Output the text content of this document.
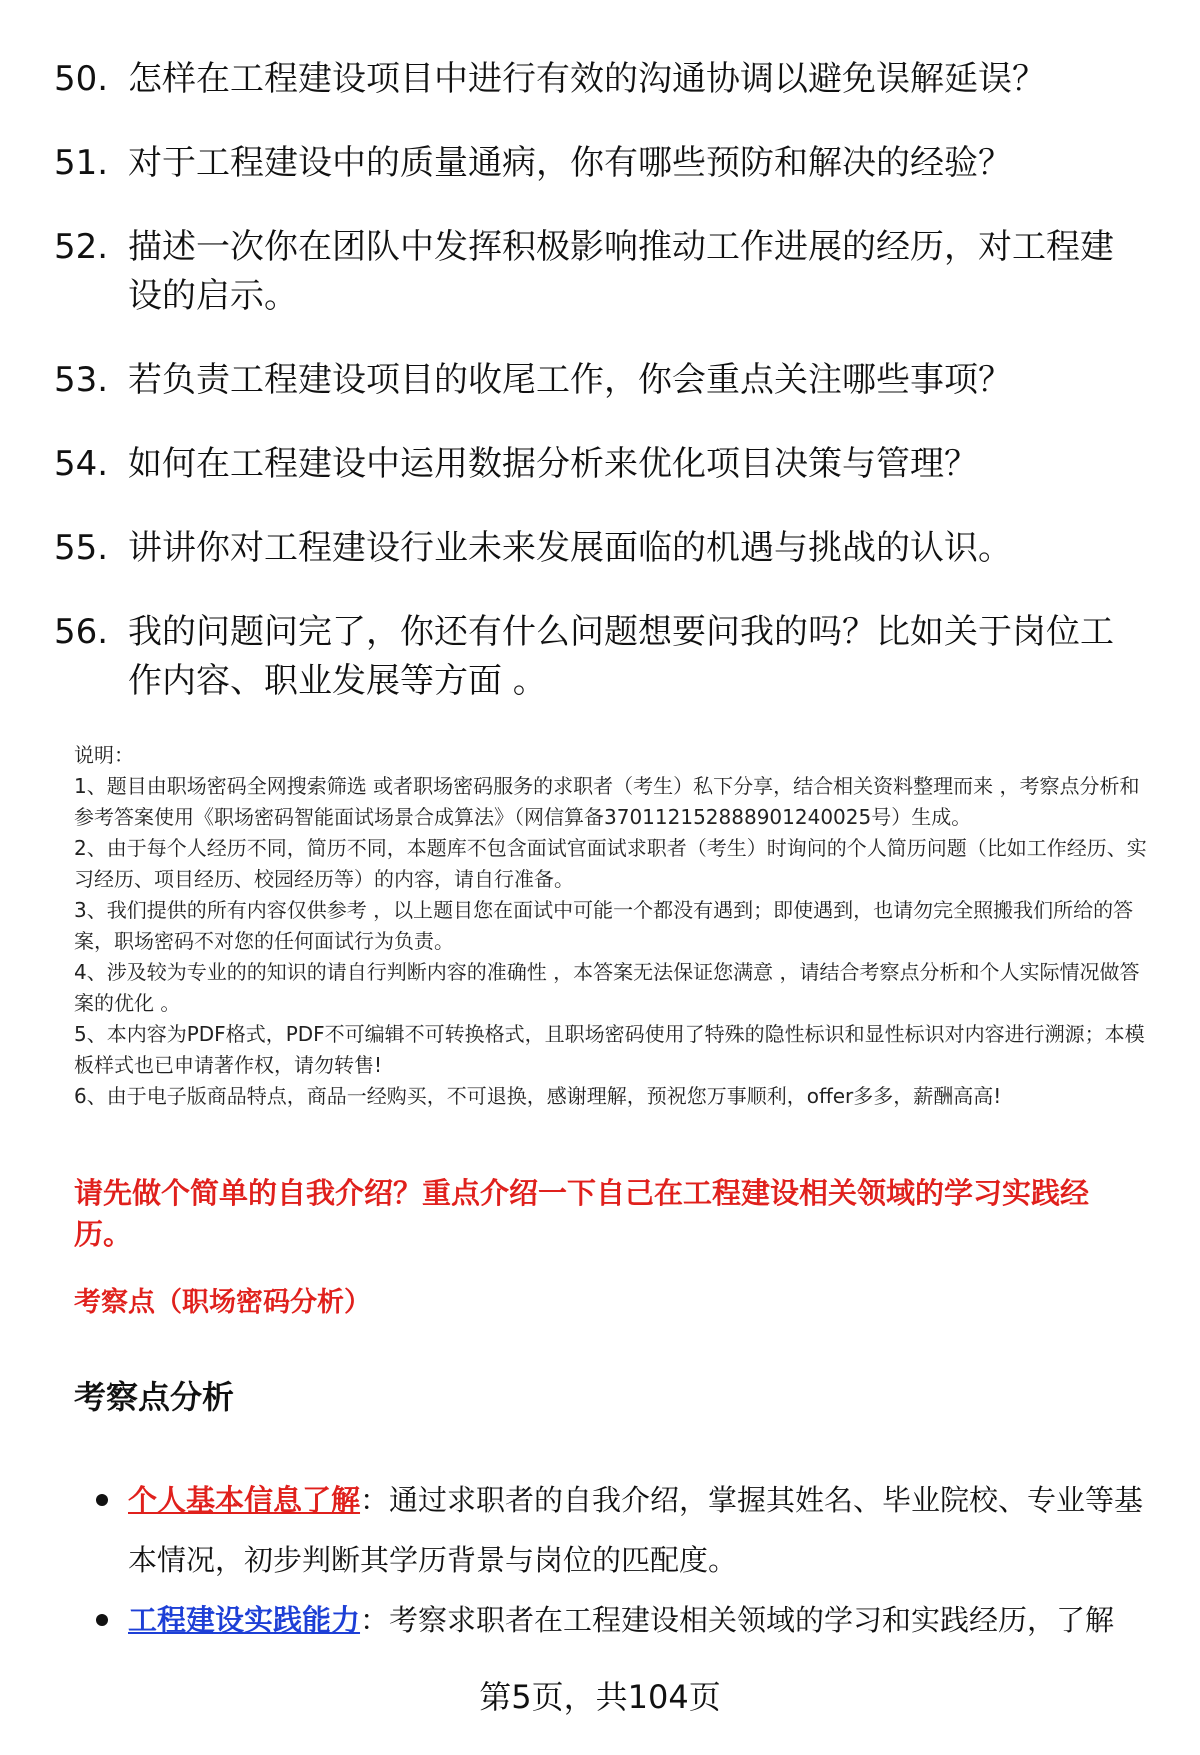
50. 怎样在工程建设项目中进行有效的沟通协调以避免误解延误？
51. 对于工程建设中的质量通病，你有哪些预防和解决的经验？
52. 描述一次你在团队中发挥积极影响推动工作进展的经历，对工程建设的启示。
53. 若负责工程建设项目的收尾工作，你会重点关注哪些事项？
54. 如何在工程建设中运用数据分析来优化项目决策与管理？
55. 讲讲你对工程建设行业未来发展面临的机遇与挑战的认识。
56. 我的问题问完了，你还有什么问题想要问我的吗？比如关于岗位工作内容、职业发展等方面 。
说明：
1、题目由职场密码全网搜索筛选 或者职场密码服务的求职者（考生）私下分享，结合相关资料整理而来 ，考察点分析和参考答案使用《职场密码智能面试场景合成算法》（网信算备370112152888901240025号）生成。
2、由于每个人经历不同，简历不同，本题库不包含面试官面试求职者（考生）时询问的个人简历问题（比如工作经历、实习经历、项目经历、校园经历等）的内容，请自行准备。
3、我们提供的所有内容仅供参考 ，以上题目您在面试中可能一个都没有遇到；即使遇到，也请勿完全照搬我们所给的答案，职场密码不对您的任何面试行为负责。
4、涉及较为专业的的知识的请自行判断内容的准确性 ，本答案无法保证您满意 ，请结合考察点分析和个人实际情况做答案的优化 。
5、本内容为PDF格式，PDF不可编辑不可转换格式，且职场密码使用了特殊的隐性标识和显性标识对内容进行溯源；本模板样式也已申请著作权，请勿转售!
6、由于电子版商品特点，商品一经购买，不可退换，感谢理解，预祝您万事顺利，offer多多，薪酬高高!
请先做个简单的自我介绍？重点介绍一下自己在工程建设相关领域的学习实践经历。
考察点（职场密码分析）
考察点分析
个人基本信息了解：通过求职者的自我介绍，掌握其姓名、毕业院校、专业等基本情况，初步判断其学历背景与岗位的匹配度。
工程建设实践能力：考察求职者在工程建设相关领域的学习和实践经历，了解
第5页，共104页
